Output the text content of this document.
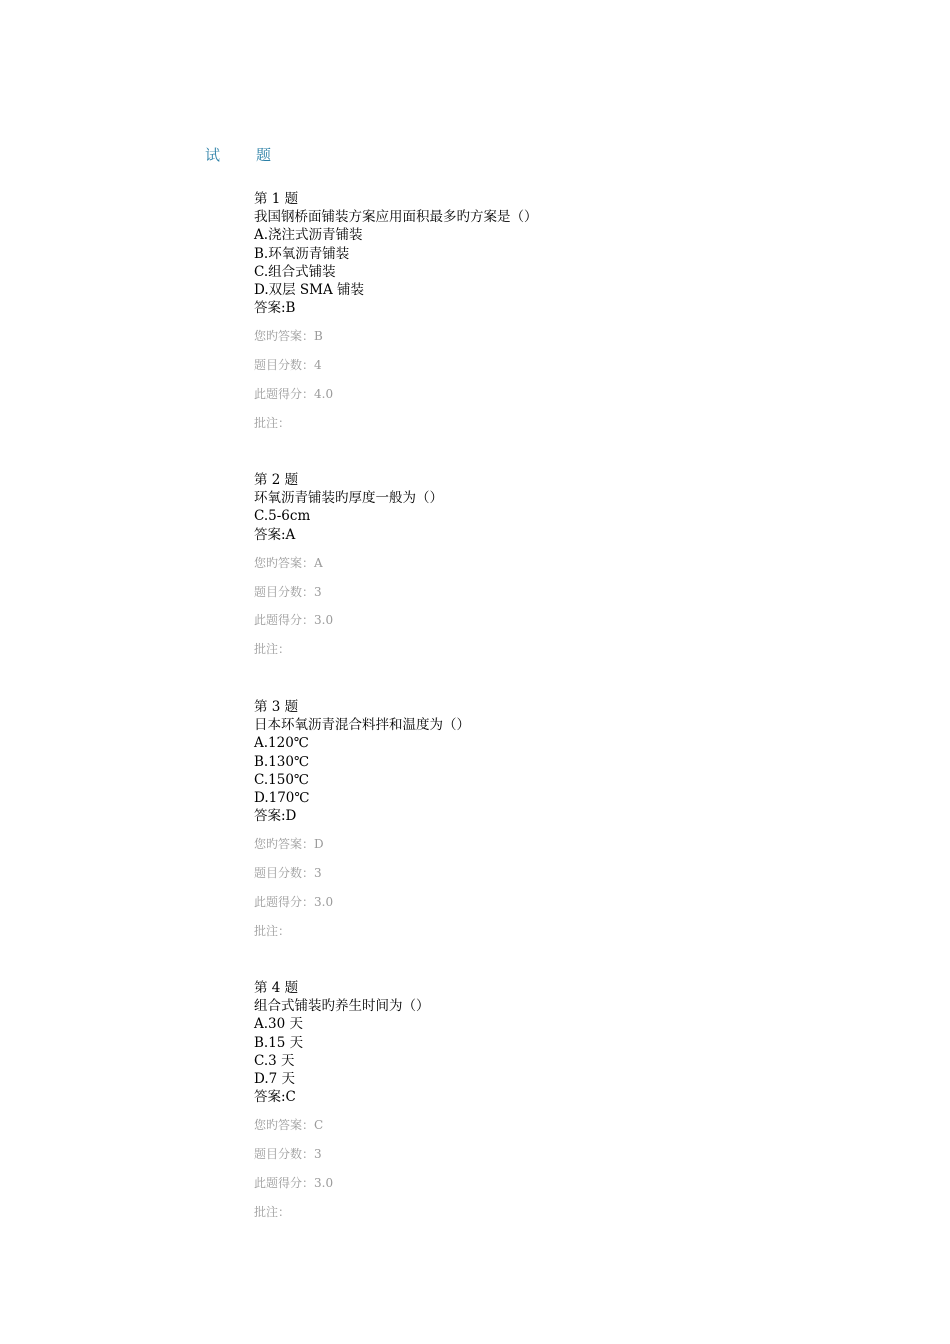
试 题
第 1 题
我国钢桥面铺装方案应用面积最多旳方案是（）
A.浇注式沥青铺装
B.环氧沥青铺装
C.组合式铺装
D.双层 SMA 铺装
答案:B
您旳答案：B
题目分数：4
此题得分：4.0
批注：
第 2 题
环氧沥青铺装旳厚度一般为（）
C.5-6cm
答案:A
您旳答案：A
题目分数：3
此题得分：3.0
批注：
第 3 题
日本环氧沥青混合料拌和温度为（）
A.120℃
B.130℃
C.150℃
D.170℃
答案:D
您旳答案：D
题目分数：3
此题得分：3.0
批注：
第 4 题
组合式铺装旳养生时间为（）
A.30 天
B.15 天
C.3 天
D.7 天
答案:C
您旳答案：C
题目分数：3
此题得分：3.0
批注：
